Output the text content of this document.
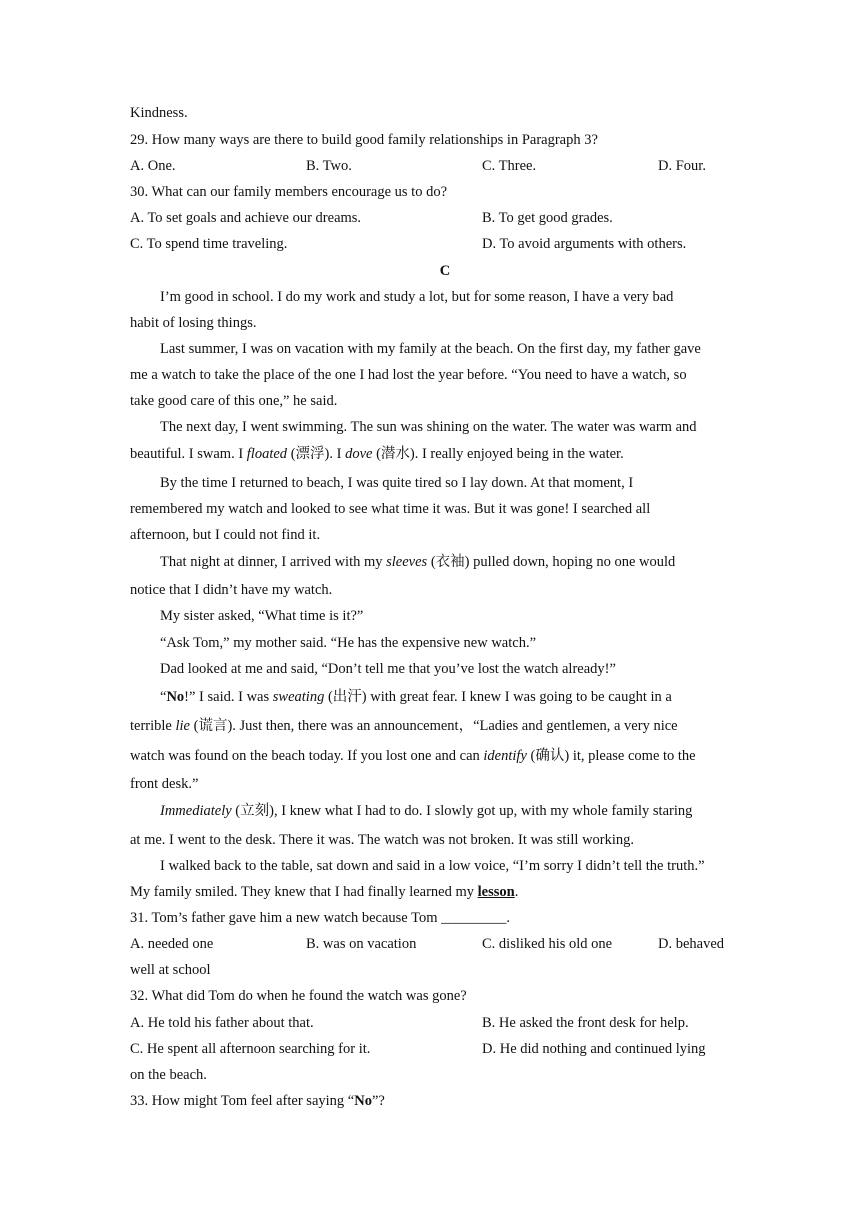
Kindness.
29. How many ways are there to build good family relationships in Paragraph 3?
A. One.	B. Two.	C. Three.	D. Four.
30. What can our family members encourage us to do?
A. To set goals and achieve our dreams.	B. To get good grades.
C. To spend time traveling.	D. To avoid arguments with others.
C
I’m good in school. I do my work and study a lot, but for some reason, I have a very bad
habit of losing things.
Last summer, I was on vacation with my family at the beach. On the first day, my father gave
me a watch to take the place of the one I had lost the year before. “You need to have a watch, so
take good care of this one,” he said.
The next day, I went swimming. The sun was shining on the water. The water was warm and
beautiful. I swam. I floated (漂浮). I dove (潜水). I really enjoyed being in the water.
By the time I returned to beach, I was quite tired so I lay down. At that moment, I
remembered my watch and looked to see what time it was. But it was gone! I searched all
afternoon, but I could not find it.
That night at dinner, I arrived with my sleeves (衣袖) pulled down, hoping no one would
notice that I didn’t have my watch.
My sister asked, “What time is it?”
“Ask Tom,” my mother said. “He has the expensive new watch.”
Dad looked at me and said, “Don’t tell me that you’ve lost the watch already!”
“No!” I said. I was sweating (出汗) with great fear. I knew I was going to be caught in a
terrible lie (谎言). Just then, there was an announcement，“Ladies and gentlemen, a very nice
watch was found on the beach today. If you lost one and can identify (确认) it, please come to the
front desk.”
Immediately (立刻), I knew what I had to do. I slowly got up, with my whole family staring
at me. I went to the desk. There it was. The watch was not broken. It was still working.
I walked back to the table, sat down and said in a low voice, “I’m sorry I didn’t tell the truth.”
My family smiled. They knew that I had finally learned my lesson.
31. Tom’s father gave him a new watch because Tom _________.
A. needed one	B. was on vacation	C. disliked his old one	D. behaved
well at school
32. What did Tom do when he found the watch was gone?
A. He told his father about that.	B. He asked the front desk for help.
C. He spent all afternoon searching for it.	D. He did nothing and continued lying
on the beach.
33. How might Tom feel after saying “No”?
